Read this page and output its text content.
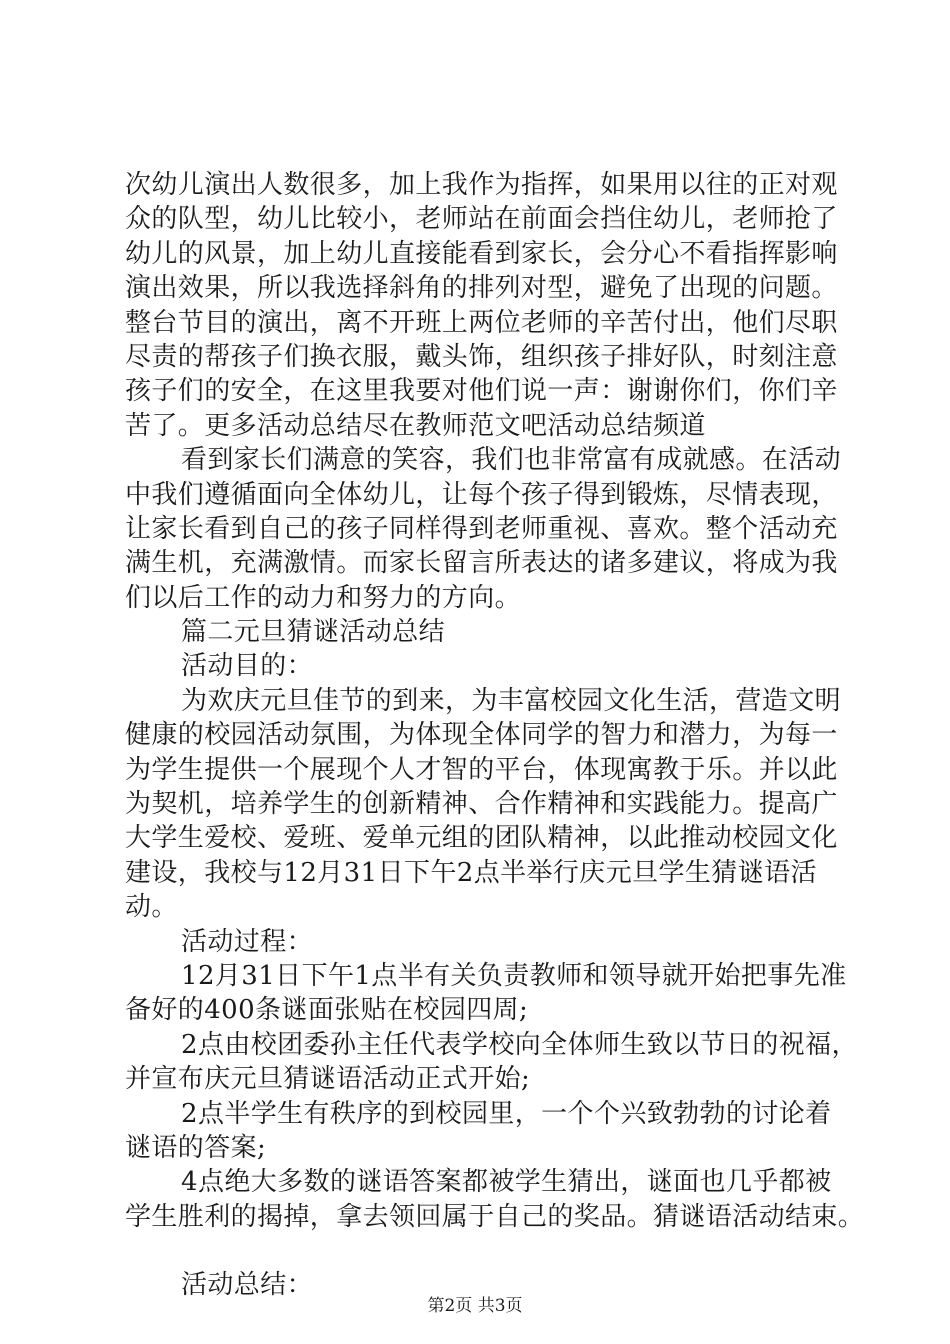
次幼儿演出人数很多，加上我作为指挥，如果用以往的正对观
众的队型，幼儿比较小，老师站在前面会挡住幼儿，老师抢了
幼儿的风景，加上幼儿直接能看到家长，会分心不看指挥影响
演出效果，所以我选择斜角的排列对型，避免了出现的问题。
整台节目的演出，离不开班上两位老师的辛苦付出，他们尽职
尽责的帮孩子们换衣服，戴头饰，组织孩子排好队，时刻注意
孩子们的安全，在这里我要对他们说一声：谢谢你们，你们辛
苦了。更多活动总结尽在教师范文吧活动总结频道
看到家长们满意的笑容，我们也非常富有成就感。在活动
中我们遵循面向全体幼儿，让每个孩子得到锻炼，尽情表现，
让家长看到自己的孩子同样得到老师重视、喜欢。整个活动充
满生机，充满激情。而家长留言所表达的诸多建议，将成为我
们以后工作的动力和努力的方向。
篇二元旦猜谜活动总结
活动目的：
为欢庆元旦佳节的到来，为丰富校园文化生活，营造文明
健康的校园活动氛围，为体现全体同学的智力和潜力，为每一
为学生提供一个展现个人才智的平台，体现寓教于乐。并以此
为契机，培养学生的创新精神、合作精神和实践能力。提高广
大学生爱校、爱班、爱单元组的团队精神，以此推动校园文化
建设，我校与12月31日下午2点半举行庆元旦学生猜谜语活
动。
活动过程：
12月31日下午1点半有关负责教师和领导就开始把事先准
备好的400条谜面张贴在校园四周;
2点由校团委孙主任代表学校向全体师生致以节日的祝福，
并宣布庆元旦猜谜语活动正式开始;
2点半学生有秩序的到校园里，一个个兴致勃勃的讨论着
谜语的答案;
4点绝大多数的谜语答案都被学生猜出，谜面也几乎都被
学生胜利的揭掉，拿去领回属于自己的奖品。猜谜语活动结束。
活动总结：
第2页 共3页
